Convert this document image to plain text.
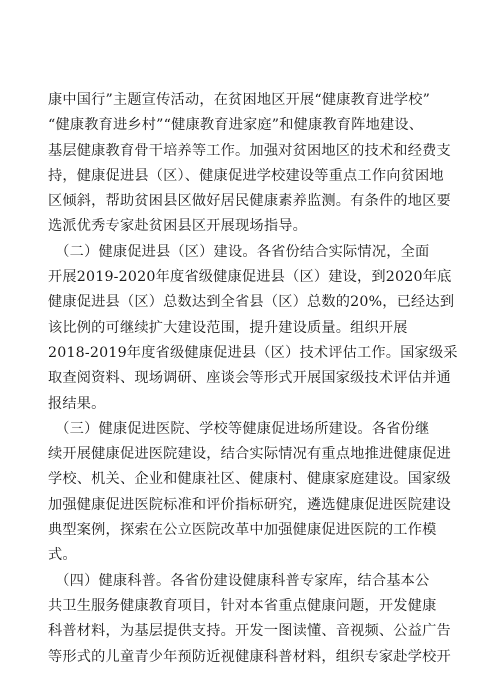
康中国行”主题宣传活动，在贫困地区开展“健康教育进学校”
“健康教育进乡村”“健康教育进家庭”和健康教育阵地建设、
基层健康教育骨干培养等工作。加强对贫困地区的技术和经费支
持，健康促进县（区）、健康促进学校建设等重点工作向贫困地
区倾斜，帮助贫困县区做好居民健康素养监测。有条件的地区要
选派优秀专家赴贫困县区开展现场指导。
　（二）健康促进县（区）建设。各省份结合实际情况，全面
开展2019-2020年度省级健康促进县（区）建设，到2020年底
健康促进县（区）总数达到全省县（区）总数的20%，已经达到
该比例的可继续扩大建设范围，提升建设质量。组织开展
2018-2019年度省级健康促进县（区）技术评估工作。国家级采
取查阅资料、现场调研、座谈会等形式开展国家级技术评估并通
报结果。
　（三）健康促进医院、学校等健康促进场所建设。各省份继
续开展健康促进医院建设，结合实际情况有重点地推进健康促进
学校、机关、企业和健康社区、健康村、健康家庭建设。国家级
加强健康促进医院标准和评价指标研究，遴选健康促进医院建设
典型案例，探索在公立医院改革中加强健康促进医院的工作模
式。
　（四）健康科普。各省份建设健康科普专家库，结合基本公
共卫生服务健康教育项目，针对本省重点健康问题，开发健康
科普材料，为基层提供支持。开发一图读懂、音视频、公益广告
等形式的儿童青少年预防近视健康科普材料，组织专家赴学校开
